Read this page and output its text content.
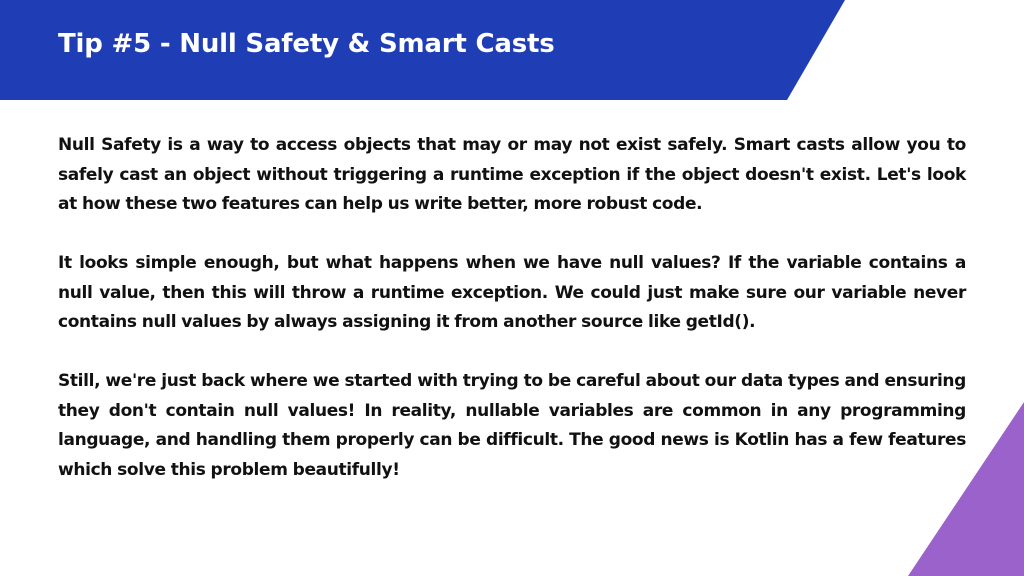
Tip #5 - Null Safety & Smart Casts

Null Safety is a way to access objects that may or may not exist safely. Smart casts allow you to safely cast an object without triggering a runtime exception if the object doesn't exist. Let's look at how these two features can help us write better, more robust code.

It looks simple enough, but what happens when we have null values? If the variable contains a null value, then this will throw a runtime exception. We could just make sure our variable never contains null values by always assigning it from another source like getId().

Still, we're just back where we started with trying to be careful about our data types and ensuring they don't contain null values! In reality, nullable variables are common in any programming language, and handling them properly can be difficult. The good news is Kotlin has a few features which solve this problem beautifully!
